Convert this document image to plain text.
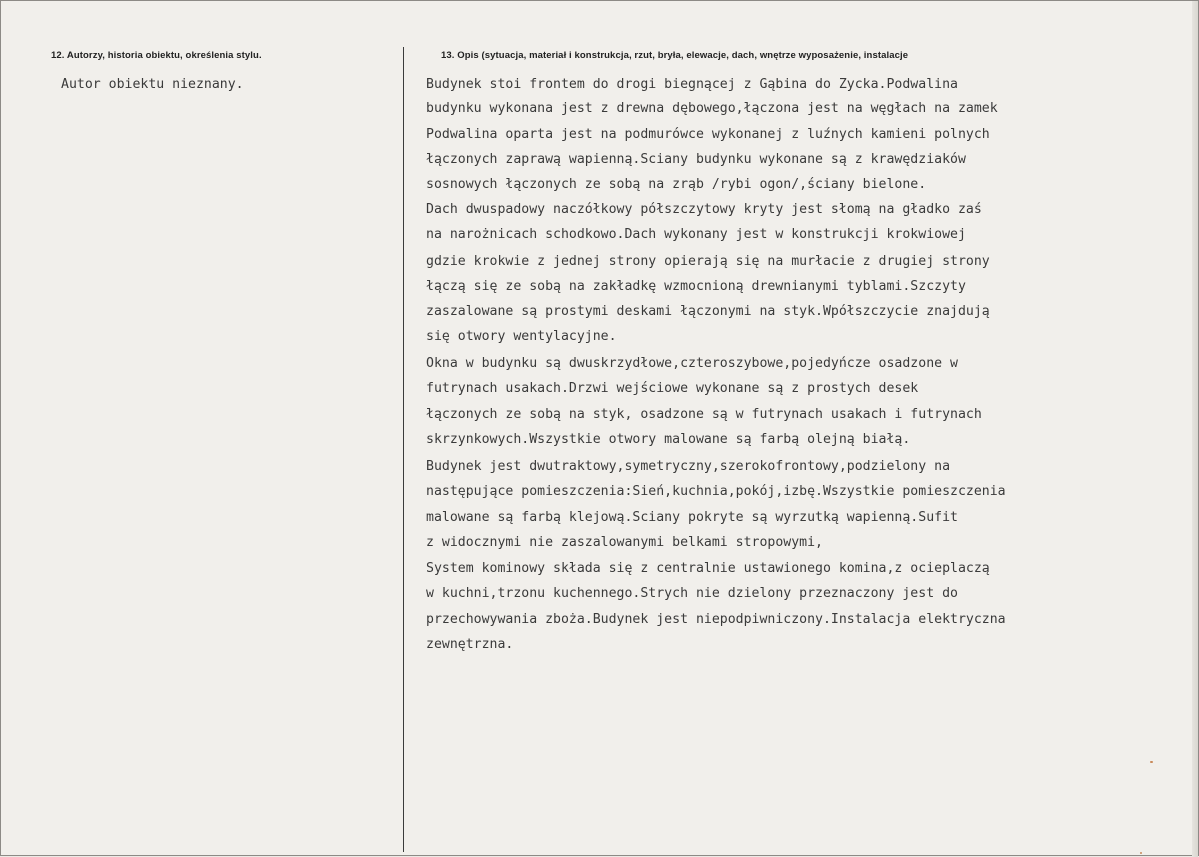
12. Autorzy, historia obiektu, określenia stylu.	13. Opis (sytuacja, materiał i konstrukcja, rzut, bryła, elewacje, dach, wnętrze wyposażenie, instalacje
Autor obiektu nieznany.	Budynek stoi frontem do drogi biegnącej z Gąbina do Zycka.Podwalina
budynku wykonana jest z drewna dębowego,łączona jest na węgłach na zamek
Podwalina oparta jest na podmurówce wykonanej z luźnych kamieni polnych
łączonych zaprawą wapienną.Sciany budynku wykonane są z krawędziaków
sosnowych łączonych ze sobą na zrąb /rybi ogon/,ściany bielone.
Dach dwuspadowy naczółkowy półszczytowy kryty jest słomą na gładko zaś
na narożnicach schodkowo.Dach wykonany jest w konstrukcji krokwiowej
gdzie krokwie z jednej strony opierają się na murłacie z drugiej strony
łączą się ze sobą na zakładkę wzmocnioną drewnianymi tyblami.Szczyty
zaszalowane są prostymi deskami łączonymi na styk.Wpółszczycie znajdują
się otwory wentylacyjne.
Okna w budynku są dwuskrzydłowe,czteroszybowe,pojedyńcze osadzone w
futrynach usakach.Drzwi wejściowe wykonane są z prostych desek
łączonych ze sobą na styk, osadzone są w futrynach usakach i futrynach
skrzynkowych.Wszystkie otwory malowane są farbą olejną białą.
Budynek jest dwutraktowy,symetryczny,szerokofrontowy,podzielony na
następujące pomieszczenia:Sień,kuchnia,pokój,izbę.Wszystkie pomieszczenia
malowane są farbą klejową.Sciany pokryte są wyrzutką wapienną.Sufit
z widocznymi nie zaszalowanymi belkami stropowymi,
System kominowy składa się z centralnie ustawionego komina,z ocieplaczą
w kuchni,trzonu kuchennego.Strych nie dzielony przeznaczony jest do
przechowywania zboża.Budynek jest niepodpiwniczony.Instalacja elektryczna
zewnętrzna.
